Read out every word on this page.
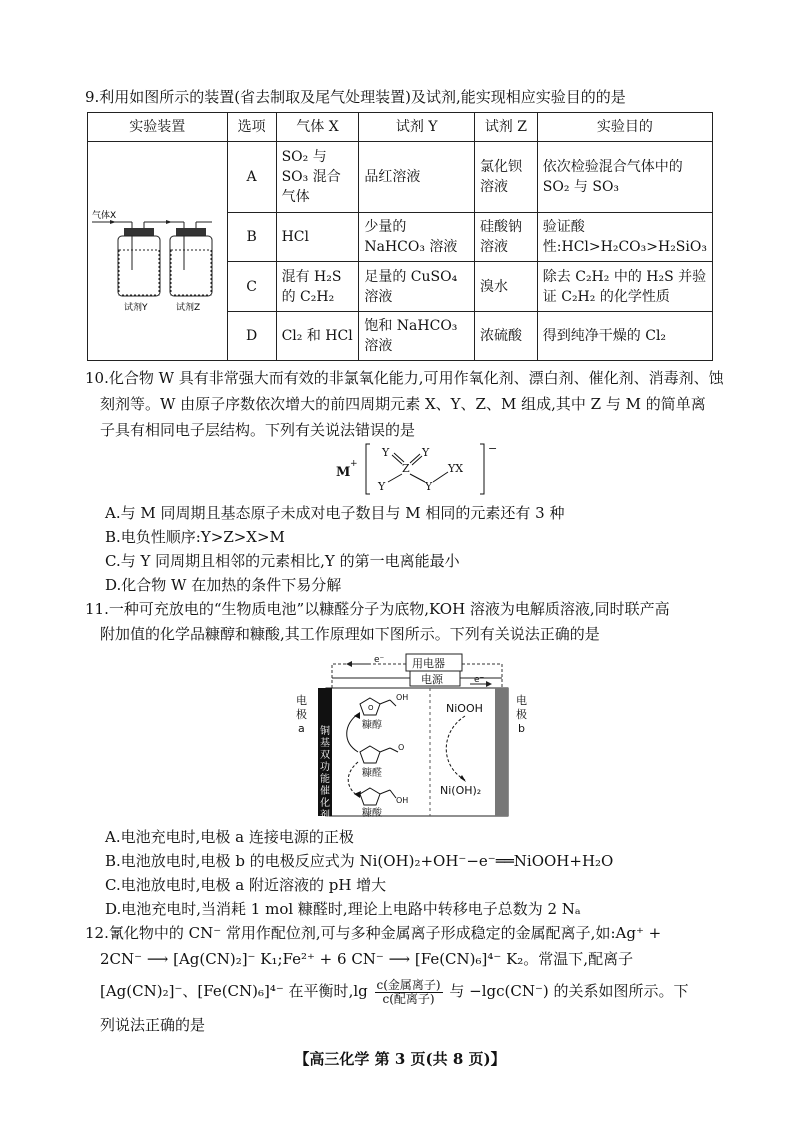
9.利用如图所示的装置(省去制取及尾气处理装置)及试剂,能实现相应实验目的的是
实验装置	选项	气体 X	试剂 Y	试剂 Z	实验目的

气体X
试剂Y 试剂Z	A	SO₂ 与 SO₃ 混合气体	品红溶液	氯化钡溶液	依次检验混合气体中的 SO₂ 与 SO₃
	B	HCl	少量的 NaHCO₃ 溶液	硅酸钠溶液	验证酸性:HCl>H₂CO₃>H₂SiO₃
	C	混有 H₂S 的 C₂H₂	足量的 CuSO₄ 溶液	溴水	除去 C₂H₂ 中的 H₂S 并验证 C₂H₂ 的化学性质
	D	Cl₂ 和 HCl	饱和 NaHCO₃ 溶液	浓硫酸	得到纯净干燥的 Cl₂
10.化合物 W 具有非常强大而有效的非氯氧化能力,可用作氧化剂、漂白剂、催化剂、消毒剂、蚀
刻剂等。W 由原子序数依次增大的前四周期元素 X、Y、Z、M 组成,其中 Z 与 M 的简单离
子具有相同电子层结构。下列有关说法错误的是
M
+
Y	Y
Z
Y	Y
YX
−
A.与 M 同周期且基态原子未成对电子数目与 M 相同的元素还有 3 种
B.电负性顺序:Y>Z>X>M
C.与 Y 同周期且相邻的元素相比,Y 的第一电离能最小
D.化合物 W 在加热的条件下易分解
11.一种可充放电的“生物质电池”以糠醛分子为底物,KOH 溶液为电解质溶液,同时联产高
附加值的化学品糠醇和糠酸,其工作原理如下图所示。下列有关说法正确的是
用电器
电源
e⁻
e⁻
电
极
a
电
极
b
铜
基
双
功
能
催
化
剂
O
OH
O
OH
糠醇
糠醛
糠酸
NiOOH
Ni(OH)₂
A.电池充电时,电极 a 连接电源的正极
B.电池放电时,电极 b 的电极反应式为 Ni(OH)₂+OH⁻−e⁻══NiOOH+H₂O
C.电池放电时,电极 a 附近溶液的 pH 增大
D.电池充电时,当消耗 1 mol 糠醛时,理论上电路中转移电子总数为 2 Nₐ
12.氰化物中的 CN⁻ 常用作配位剂,可与多种金属离子形成稳定的金属配离子,如:Ag⁺ +
2CN⁻ ⟶ [Ag(CN)₂]⁻ K₁;Fe²⁺ + 6 CN⁻ ⟶ [Fe(CN)₆]⁴⁻ K₂。常温下,配离子
[Ag(CN)₂]⁻、[Fe(CN)₆]⁴⁻ 在平衡时$,\lg \frac{\text{c(金属离子)}}{\text{c(配离子)}}$ 与 −lgc(CN⁻) 的关系如图所示。下
列说法正确的是
【高三化学 第 3 页(共 8 页)】
